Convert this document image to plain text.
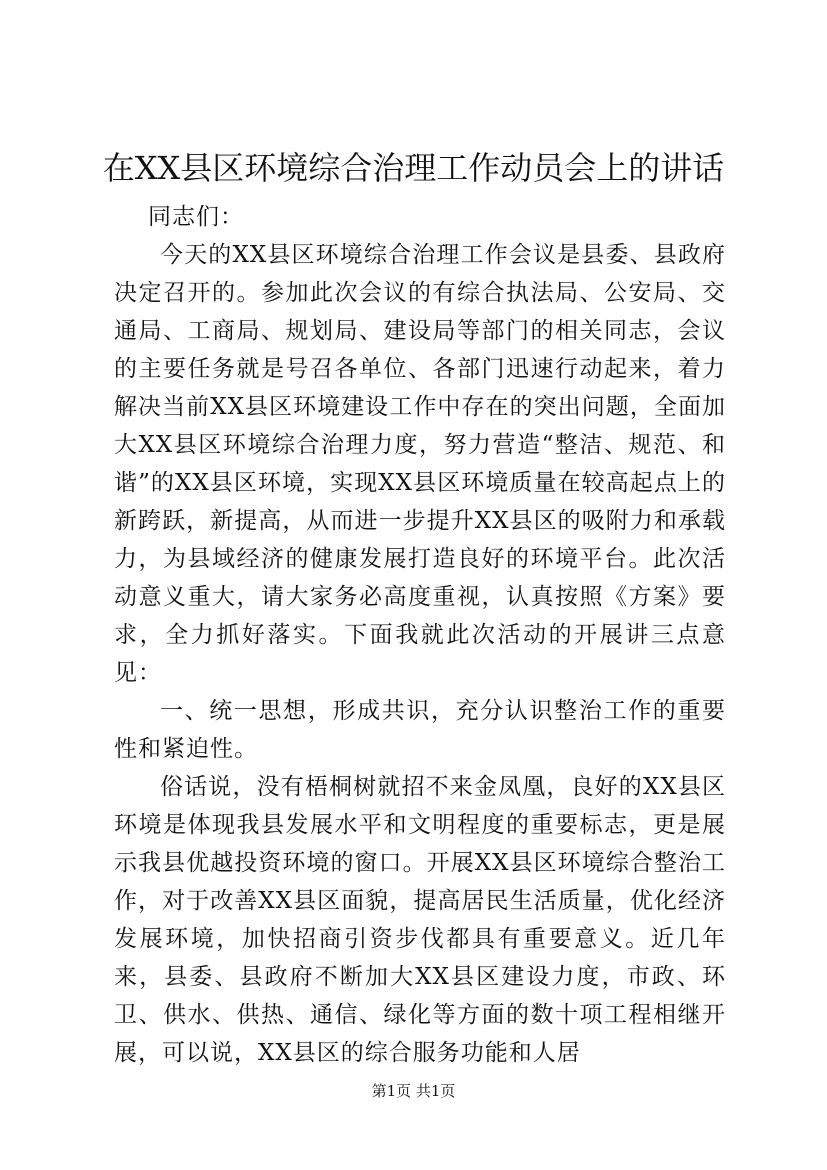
在XX县区环境综合治理工作动员会上的讲话

同志们：

今天的XX县区环境综合治理工作会议是县委、县政府决定召开的。参加此次会议的有综合执法局、公安局、交通局、工商局、规划局、建设局等部门的相关同志，会议的主要任务就是号召各单位、各部门迅速行动起来，着力解决当前XX县区环境建设工作中存在的突出问题，全面加大XX县区环境综合治理力度，努力营造“整洁、规范、和谐”的XX县区环境，实现XX县区环境质量在较高起点上的新跨跃，新提高，从而进一步提升XX县区的吸附力和承载力，为县域经济的健康发展打造良好的环境平台。此次活动意义重大，请大家务必高度重视，认真按照《方案》要求，全力抓好落实。下面我就此次活动的开展讲三点意见：

一、统一思想，形成共识，充分认识整治工作的重要性和紧迫性。

俗话说，没有梧桐树就招不来金凤凰，良好的XX县区环境是体现我县发展水平和文明程度的重要标志，更是展示我县优越投资环境的窗口。开展XX县区环境综合整治工作，对于改善XX县区面貌，提高居民生活质量，优化经济发展环境，加快招商引资步伐都具有重要意义。近几年来，县委、县政府不断加大XX县区建设力度，市政、环卫、供水、供热、通信、绿化等方面的数十项工程相继开展，可以说，XX县区的综合服务功能和人居

第1页 共1页
